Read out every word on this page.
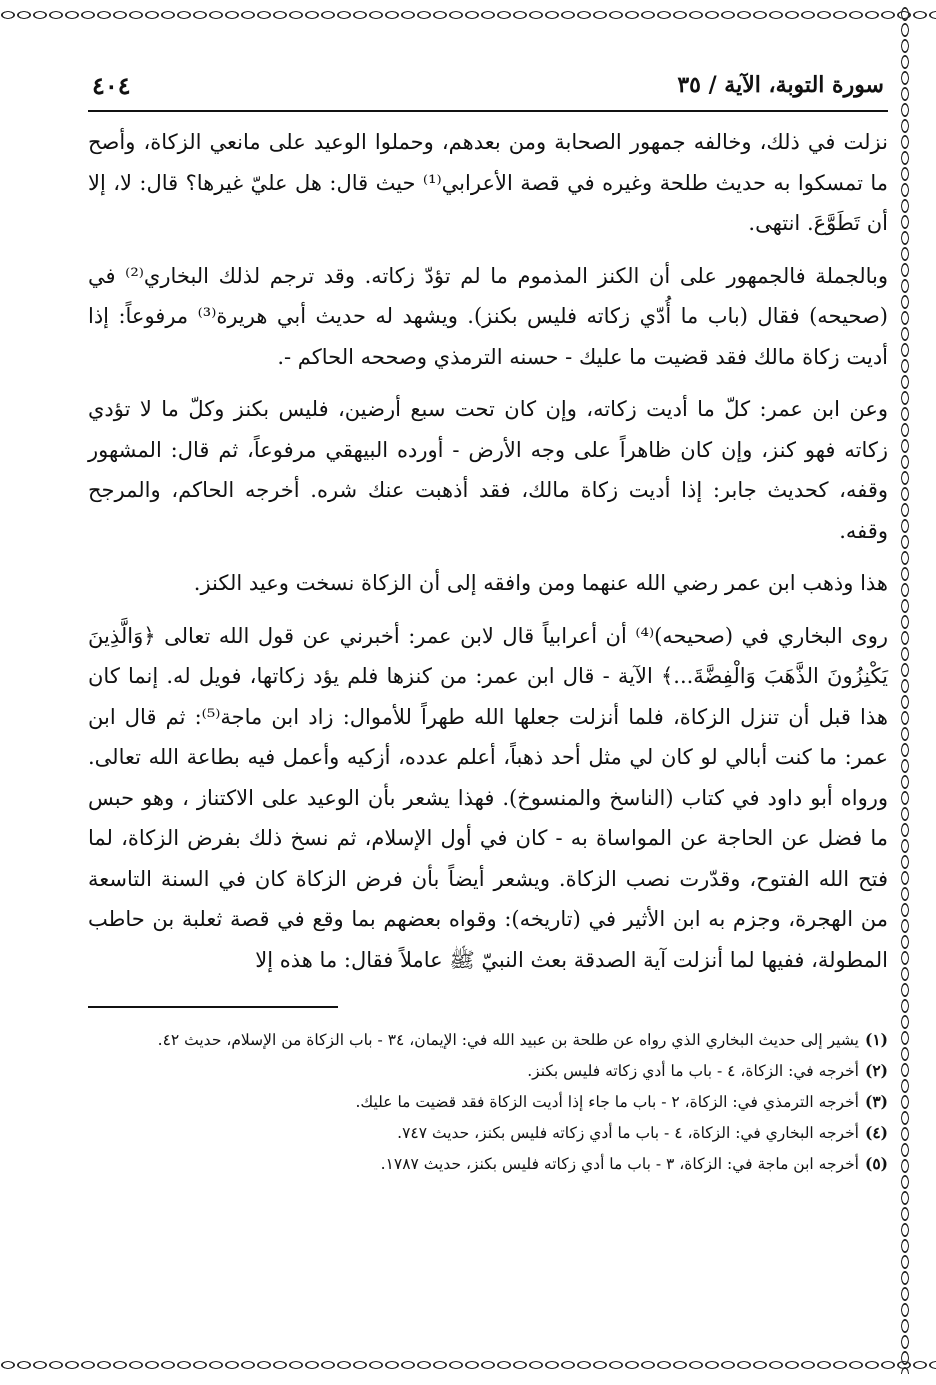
سورة التوبة، الآية / ٣٥
٤٠٤

نزلت في ذلك، وخالفه جمهور الصحابة ومن بعدهم، وحملوا الوعيد على مانعي الزكاة، وأصح ما تمسكوا به حديث طلحة وغيره في قصة الأعرابي⁽¹⁾ حيث قال: هل عليّ غيرها؟ قال: لا، إلا أن تَطَوَّعَ. انتهى.

وبالجملة فالجمهور على أن الكنز المذموم ما لم تؤدّ زكاته. وقد ترجم لذلك البخاري⁽²⁾ في (صحيحه) فقال (باب ما أُدّي زكاته فليس بكنز). ويشهد له حديث أبي هريرة⁽³⁾ مرفوعاً: إذا أديت زكاة مالك فقد قضيت ما عليك - حسنه الترمذي وصححه الحاكم -.

وعن ابن عمر: كلّ ما أديت زكاته، وإن كان تحت سبع أرضين، فليس بكنز وكلّ ما لا تؤدي زكاته فهو كنز، وإن كان ظاهراً على وجه الأرض - أورده البيهقي مرفوعاً، ثم قال: المشهور وقفه، كحديث جابر: إذا أديت زكاة مالك، فقد أذهبت عنك شره. أخرجه الحاكم، والمرجح وقفه.

هذا وذهب ابن عمر رضي الله عنهما ومن وافقه إلى أن الزكاة نسخت وعيد الكنز.

روى البخاري في (صحيحه)⁽⁴⁾ أن أعرابياً قال لابن عمر: أخبرني عن قول الله تعالى ﴿وَالَّذِينَ يَكْنِزُونَ الذَّهَبَ وَالْفِضَّةَ...﴾ الآية - قال ابن عمر: من كنزها فلم يؤد زكاتها، فويل له. إنما كان هذا قبل أن تنزل الزكاة، فلما أنزلت جعلها الله طهراً للأموال: زاد ابن ماجة⁽⁵⁾: ثم قال ابن عمر: ما كنت أبالي لو كان لي مثل أحد ذهباً، أعلم عدده، أزكيه وأعمل فيه بطاعة الله تعالى. ورواه أبو داود في كتاب (الناسخ والمنسوخ). فهذا يشعر بأن الوعيد على الاكتناز ، وهو حبس ما فضل عن الحاجة عن المواساة به - كان في أول الإسلام، ثم نسخ ذلك بفرض الزكاة، لما فتح الله الفتوح، وقدّرت نصب الزكاة. ويشعر أيضاً بأن فرض الزكاة كان في السنة التاسعة من الهجرة، وجزم به ابن الأثير في (تاريخه): وقواه بعضهم بما وقع في قصة ثعلبة بن حاطب المطولة، ففيها لما أنزلت آية الصدقة بعث النبيّ ﷺ عاملاً فقال: ما هذه إلا

(١)يشير إلى حديث البخاري الذي رواه عن طلحة بن عبيد الله في: الإيمان، ٣٤ - باب الزكاة من الإسلام، حديث ٤٢.

(٢)أخرجه في: الزكاة، ٤ - باب ما أدي زكاته فليس بكنز.

(٣)أخرجه الترمذي في: الزكاة، ٢ - باب ما جاء إذا أديت الزكاة فقد قضيت ما عليك.

(٤)أخرجه البخاري في: الزكاة، ٤ - باب ما أدي زكاته فليس بكنز، حديث ٧٤٧.

(٥)أخرجه ابن ماجة في: الزكاة، ٣ - باب ما أدي زكاته فليس بكنز، حديث ١٧٨٧.
